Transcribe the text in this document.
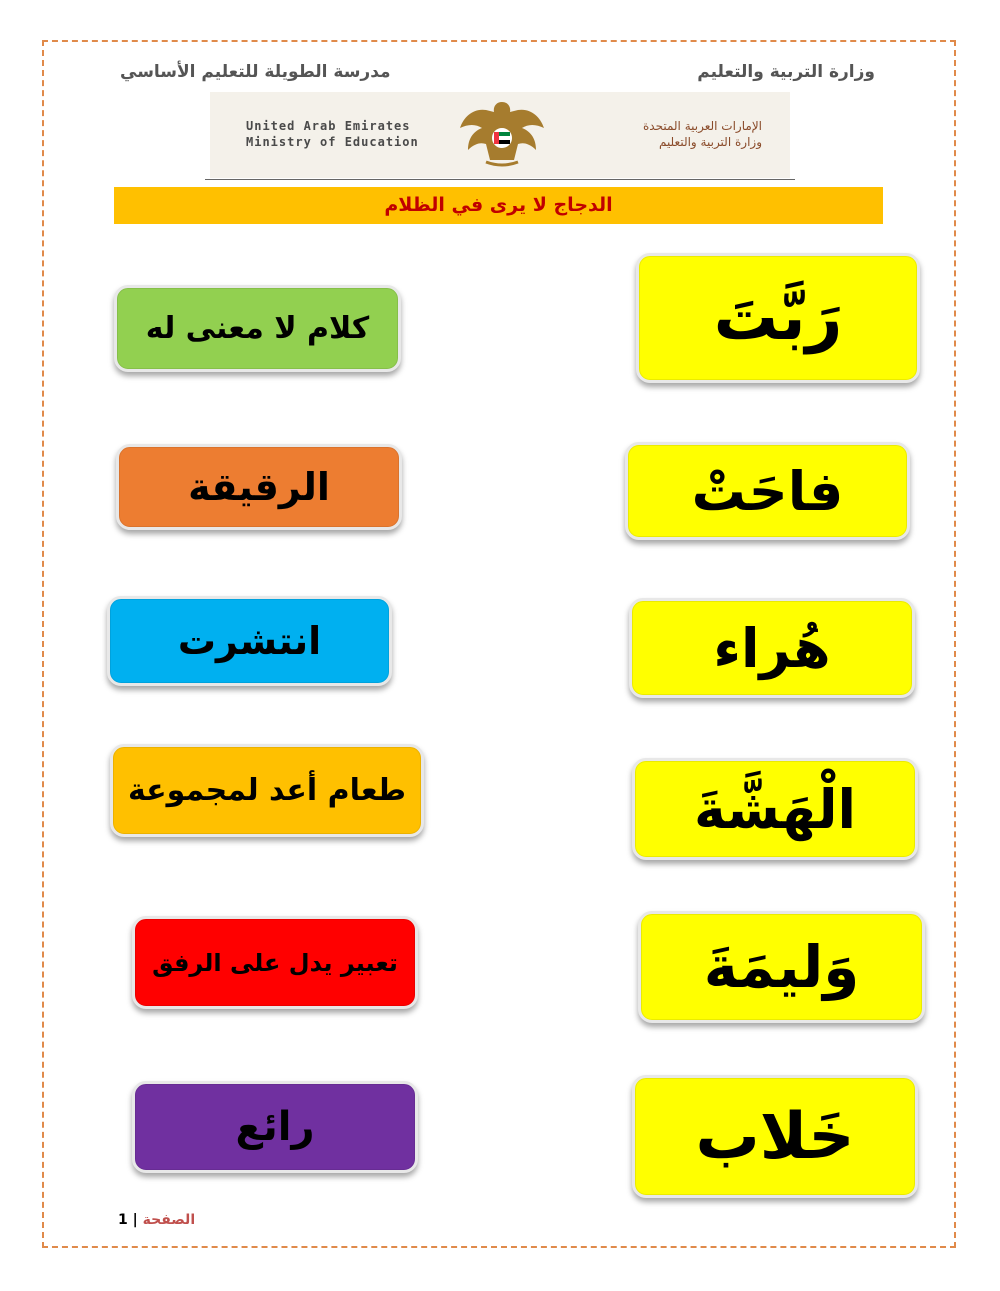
وزارة التربية والتعليم
مدرسة الطويلة للتعليم الأساسي
United Arab Emirates
Ministry of Education
الإمارات العربية المتحدة
وزارة التربية والتعليم
الدجاج لا يرى في الظلام
رَبَّتَ
فاحَتْ
هُراء
الْهَشَّةَ
وَليمَةَ
خَلاب
كلام لا معنى له
الرقيقة
انتشرت
طعام أعد لمجموعة
تعبير يدل على الرفق
رائع
1 | الصفحة
